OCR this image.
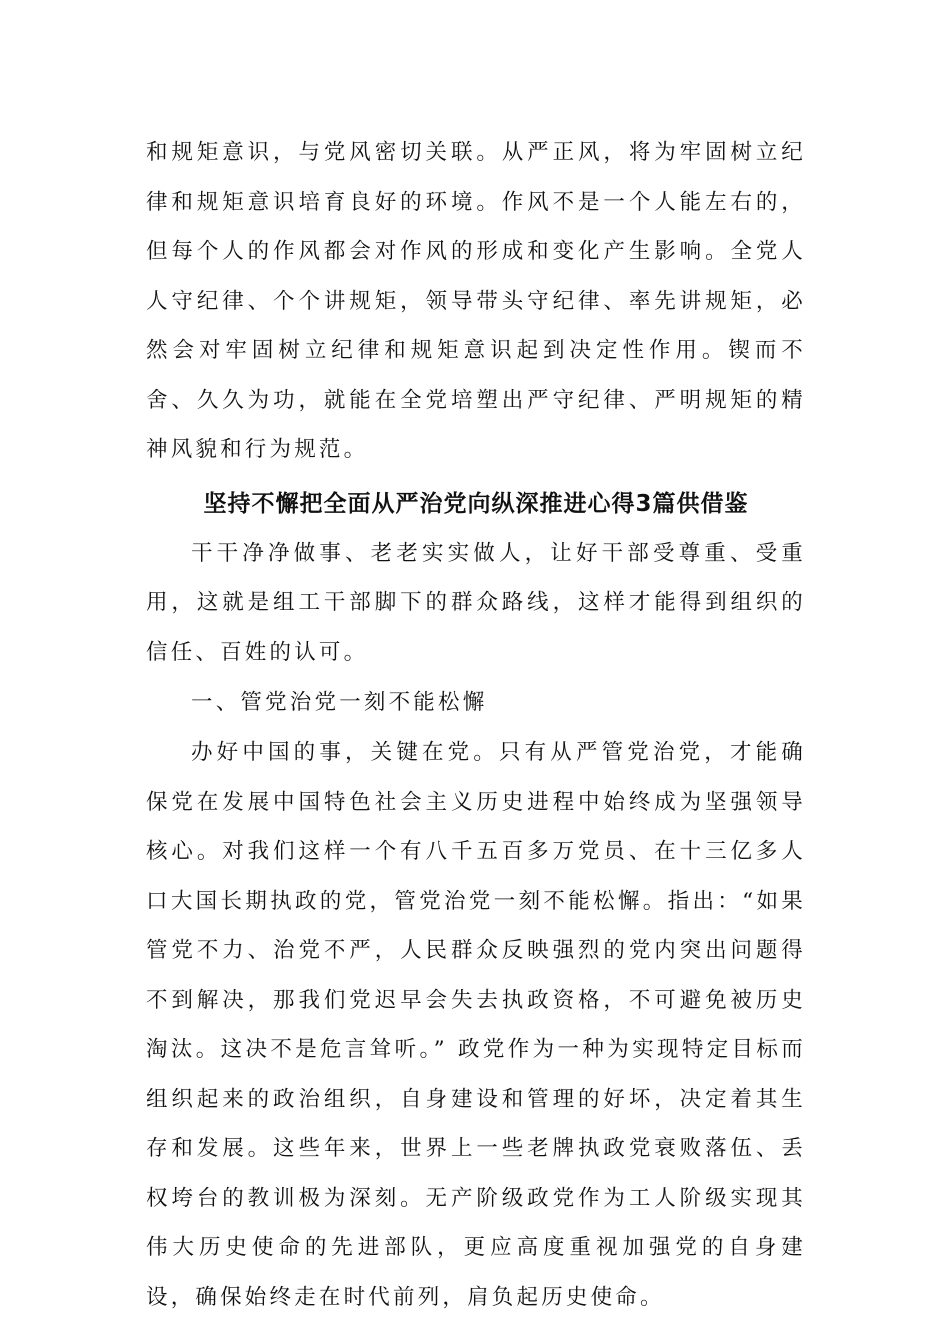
和规矩意识，与党风密切关联。从严正风，将为牢固树立纪律和规矩意识培育良好的环境。作风不是一个人能左右的，但每个人的作风都会对作风的形成和变化产生影响。全党人人守纪律、个个讲规矩，领导带头守纪律、率先讲规矩，必然会对牢固树立纪律和规矩意识起到决定性作用。锲而不舍、久久为功，就能在全党培塑出严守纪律、严明规矩的精神风貌和行为规范。

坚持不懈把全面从严治党向纵深推进心得3篇供借鉴

干干净净做事、老老实实做人，让好干部受尊重、受重用，这就是组工干部脚下的群众路线，这样才能得到组织的信任、百姓的认可。

一、管党治党一刻不能松懈

办好中国的事，关键在党。只有从严管党治党，才能确保党在发展中国特色社会主义历史进程中始终成为坚强领导核心。对我们这样一个有八千五百多万党员、在十三亿多人口大国长期执政的党，管党治党一刻不能松懈。指出：“如果管党不力、治党不严，人民群众反映强烈的党内突出问题得不到解决，那我们党迟早会失去执政资格，不可避免被历史淘汰。这决不是危言耸听。” 政党作为一种为实现特定目标而组织起来的政治组织，自身建设和管理的好坏，决定着其生存和发展。这些年来，世界上一些老牌执政党衰败落伍、丢权垮台的教训极为深刻。无产阶级政党作为工人阶级实现其伟大历史使命的先进部队，更应高度重视加强党的自身建设，确保始终走在时代前列，肩负起历史使命。
